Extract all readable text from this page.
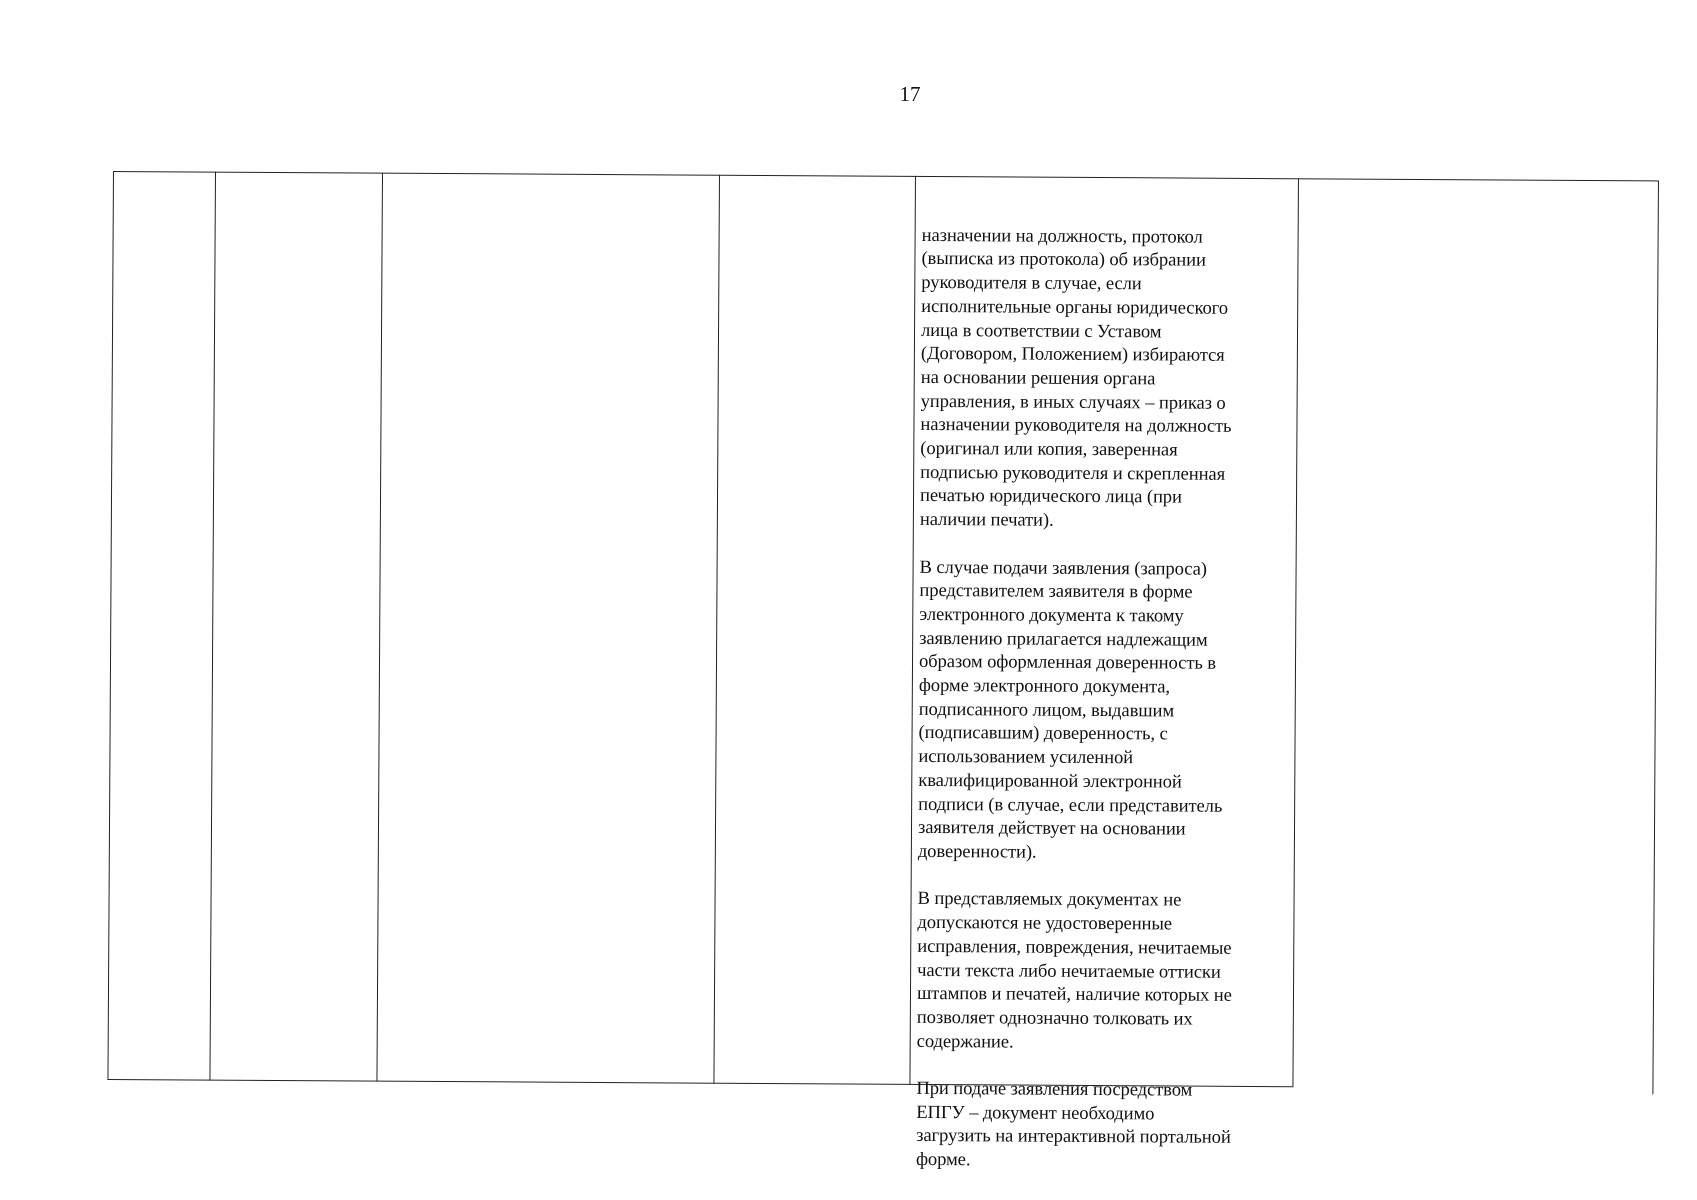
17

назначении на должность, протокол
(выписка из протокола) об избрании
руководителя в случае, если
исполнительные органы юридического
лица в соответствии с Уставом
(Договором, Положением) избираются
на основании решения органа
управления, в иных случаях – приказ о
назначении руководителя на должность
(оригинал или копия, заверенная
подписью руководителя и скрепленная
печатью юридического лица (при
наличии печати).

В случае подачи заявления (запроса)
представителем заявителя в форме
электронного документа к такому
заявлению прилагается надлежащим
образом оформленная доверенность в
форме электронного документа,
подписанного лицом, выдавшим
(подписавшим) доверенность, с
использованием усиленной
квалифицированной электронной
подписи (в случае, если представитель
заявителя действует на основании
доверенности).

В представляемых документах не
допускаются не удостоверенные
исправления, повреждения, нечитаемые
части текста либо нечитаемые оттиски
штампов и печатей, наличие которых не
позволяет однозначно толковать их
содержание.

При подаче заявления посредством
ЕПГУ – документ необходимо
загрузить на интерактивной портальной
форме.
